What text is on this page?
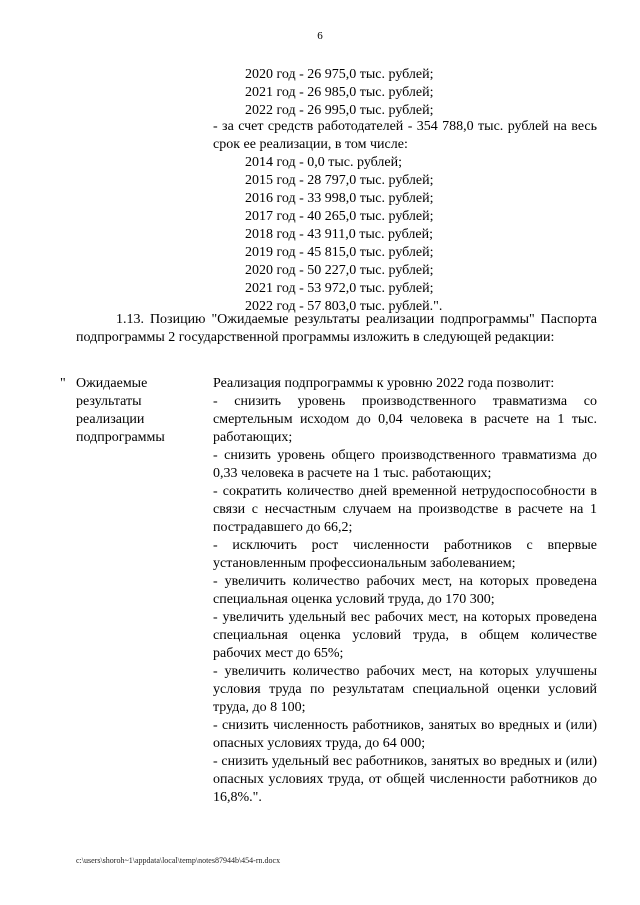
6
2020 год - 26 975,0 тыс. рублей;
2021 год - 26 985,0 тыс. рублей;
2022 год - 26 995,0 тыс. рублей;
- за счет средств работодателей - 354 788,0 тыс. рублей на весь срок ее реализации, в том числе:
2014 год - 0,0 тыс. рублей;
2015 год - 28 797,0 тыс. рублей;
2016 год - 33 998,0 тыс. рублей;
2017 год - 40 265,0 тыс. рублей;
2018 год - 43 911,0 тыс. рублей;
2019 год - 45 815,0 тыс. рублей;
2020 год - 50 227,0 тыс. рублей;
2021 год - 53 972,0 тыс. рублей;
2022 год - 57 803,0 тыс. рублей.".
1.13. Позицию "Ожидаемые результаты реализации подпрограммы" Паспорта подпрограммы 2 государственной программы изложить в следующей редакции:
" Ожидаемые результаты реализации подпрограммы
Реализация подпрограммы к уровню 2022 года позволит:
- снизить уровень производственного травматизма со смертельным исходом до 0,04 человека в расчете на 1 тыс. работающих;
- снизить уровень общего производственного травматизма до 0,33 человека в расчете на 1 тыс. работающих;
- сократить количество дней временной нетрудоспособности в связи с несчастным случаем на производстве в расчете на 1 пострадавшего до 66,2;
- исключить рост численности работников с впервые установленным профессиональным заболеванием;
- увеличить количество рабочих мест, на которых проведена специальная оценка условий труда, до 170 300;
- увеличить удельный вес рабочих мест, на которых проведена специальная оценка условий труда, в общем количестве рабочих мест до 65%;
- увеличить количество рабочих мест, на которых улучшены условия труда по результатам специальной оценки условий труда, до 8 100;
- снизить численность работников, занятых во вредных и (или) опасных условиях труда, до 64 000;
- снизить удельный вес работников, занятых во вредных и (или) опасных условиях труда, от общей численности работников до 16,8%.".
c:\users\shoroh~1\appdata\local\temp\notes87944b\454-rn.docx
